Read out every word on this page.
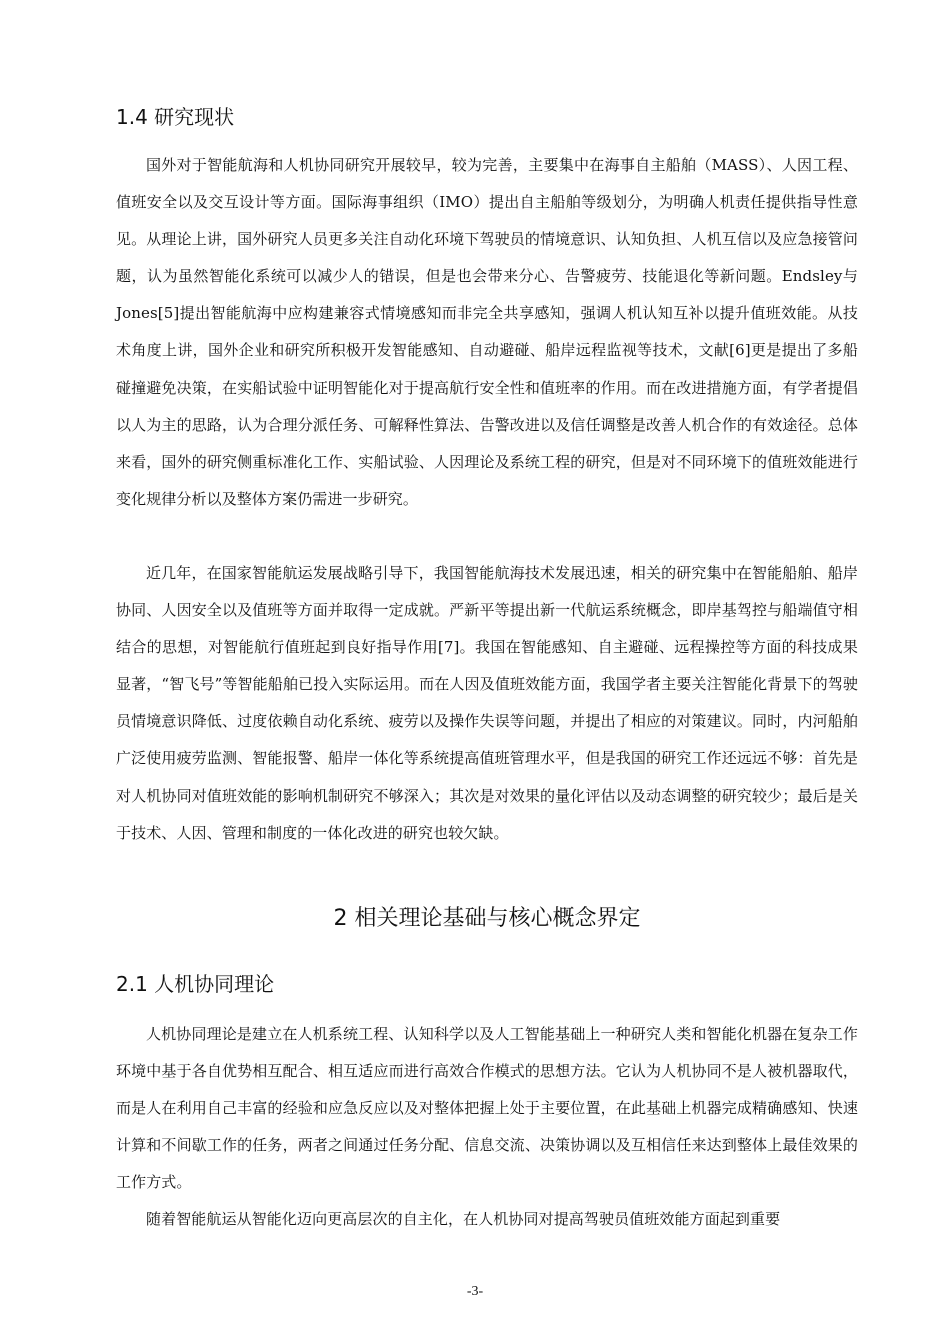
1.4 研究现状

国外对于智能航海和人机协同研究开展较早，较为完善，主要集中在海事自主船舶（MASS）、人因工程、值班安全以及交互设计等方面。国际海事组织（IMO）提出自主船舶等级划分，为明确人机责任提供指导性意见。从理论上讲，国外研究人员更多关注自动化环境下驾驶员的情境意识、认知负担、人机互信以及应急接管问题，认为虽然智能化系统可以减少人的错误，但是也会带来分心、告警疲劳、技能退化等新问题。Endsley与Jones[5]提出智能航海中应构建兼容式情境感知而非完全共享感知，强调人机认知互补以提升值班效能。从技术角度上讲，国外企业和研究所积极开发智能感知、自动避碰、船岸远程监视等技术，文献[6]更是提出了多船碰撞避免决策，在实船试验中证明智能化对于提高航行安全性和值班率的作用。而在改进措施方面，有学者提倡以人为主的思路，认为合理分派任务、可解释性算法、告警改进以及信任调整是改善人机合作的有效途径。总体来看，国外的研究侧重标准化工作、实船试验、人因理论及系统工程的研究，但是对不同环境下的值班效能进行变化规律分析以及整体方案仍需进一步研究。

近几年，在国家智能航运发展战略引导下，我国智能航海技术发展迅速，相关的研究集中在智能船舶、船岸协同、人因安全以及值班等方面并取得一定成就。严新平等提出新一代航运系统概念，即岸基驾控与船端值守相结合的思想，对智能航行值班起到良好指导作用[7]。我国在智能感知、自主避碰、远程操控等方面的科技成果显著，“智飞号”等智能船舶已投入实际运用。而在人因及值班效能方面，我国学者主要关注智能化背景下的驾驶员情境意识降低、过度依赖自动化系统、疲劳以及操作失误等问题，并提出了相应的对策建议。同时，内河船舶广泛使用疲劳监测、智能报警、船岸一体化等系统提高值班管理水平，但是我国的研究工作还远远不够：首先是对人机协同对值班效能的影响机制研究不够深入；其次是对效果的量化评估以及动态调整的研究较少；最后是关于技术、人因、管理和制度的一体化改进的研究也较欠缺。

2 相关理论基础与核心概念界定
2.1 人机协同理论

人机协同理论是建立在人机系统工程、认知科学以及人工智能基础上一种研究人类和智能化机器在复杂工作环境中基于各自优势相互配合、相互适应而进行高效合作模式的思想方法。它认为人机协同不是人被机器取代，而是人在利用自己丰富的经验和应急反应以及对整体把握上处于主要位置，在此基础上机器完成精确感知、快速计算和不间歇工作的任务，两者之间通过任务分配、信息交流、决策协调以及互相信任来达到整体上最佳效果的工作方式。

随着智能航运从智能化迈向更高层次的自主化，在人机协同对提高驾驶员值班效能方面起到重要

-3-
